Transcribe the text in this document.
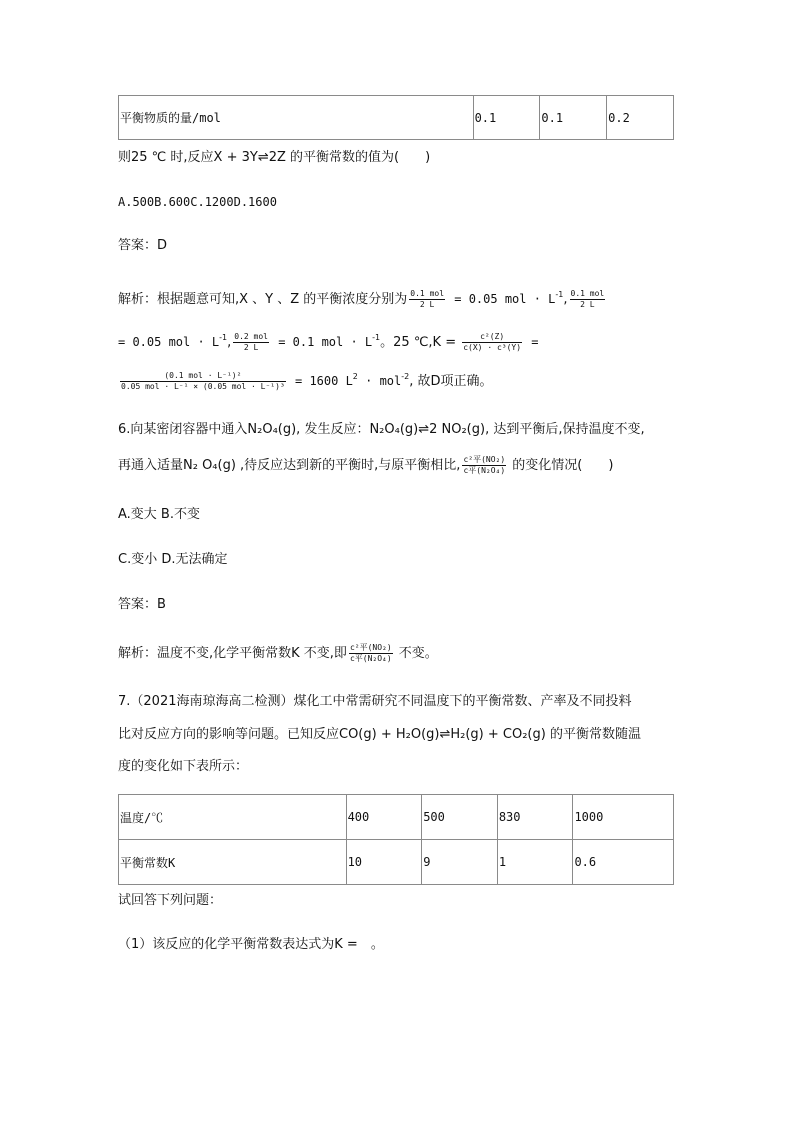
平衡物质的量/mol	0.1	0.1	0.2
则25 ℃ 时,反应X + 3Y⇌2Z 的平衡常数的值为(　　)
A.500B.600C.1200D.1600
答案：D
解析：根据题意可知,X 、Y 、Z 的平衡浓度分别为 $\frac{\text{0.1 mol}}{2 L} = 0.05$ mol · $L^{-1}$, $\frac{\text{0.1 mol}}{2 L}$
= 0.05 mol · $L^{-1}$, $\frac{\text{0.2 mol}}{2 L} = 0.1$ mol · $L^{-1}$。25 ℃,K = $\frac{\text{c²(Z)}}{\text{c(X) · c³(Y)}}$ =
$\frac{\text{(0.1 mol · L⁻¹)²}}{\text{0.05 mol · L⁻¹ × (0.05 mol · L⁻¹)³}} = 1600$ $L^2 \cdot mol^{-2}$, 故D项正确。
6.向某密闭容器中通入N₂O₄(g), 发生反应：N₂O₄(g)⇌2 NO₂(g), 达到平衡后,保持温度不变,
再通入适量N₂ O₄(g) ,待反应达到新的平衡时,与原平衡相比, $\frac{\text{c²平(NO₂)}}{\text{c平(N₂O₄)}}$ 的变化情况(　　)
A.变大 B.不变
C.变小 D.无法确定
答案：B
解析：温度不变,化学平衡常数K 不变,即 $\frac{\text{c²平(NO₂)}}{\text{c平(N₂O₄)}}$ 不变。
7.（2021海南琼海高二检测）煤化工中常需研究不同温度下的平衡常数、产率及不同投料
比对反应方向的影响等问题。已知反应CO(g) + H₂O(g)⇌H₂(g) + CO₂(g) 的平衡常数随温
度的变化如下表所示：
温度/℃	400	500	830	1000

平衡常数K	10	9	1	0.6
试回答下列问题：
（1）该反应的化学平衡常数表达式为K =　。
